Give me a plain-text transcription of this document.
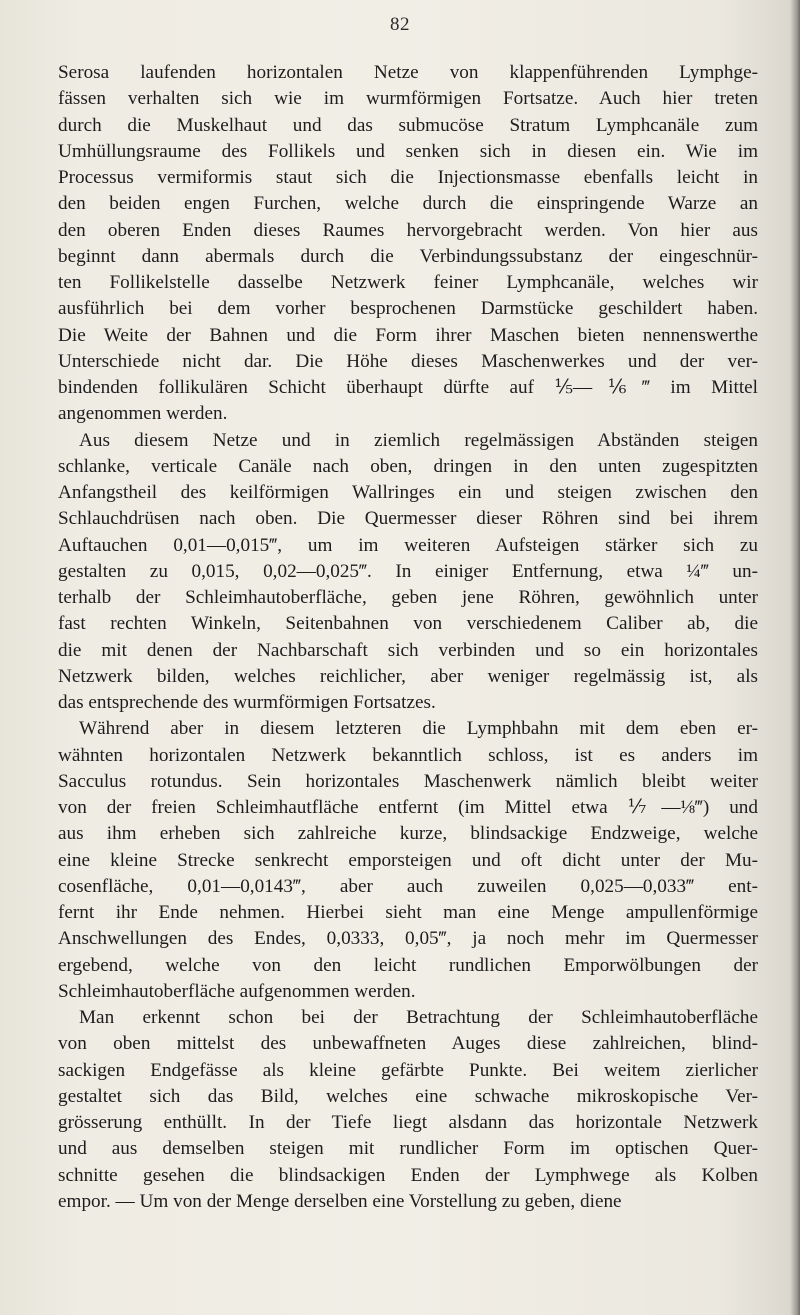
82
Serosa laufenden horizontalen Netze von klappenführenden Lymphge-
fässen verhalten sich wie im wurmförmigen Fortsatze. Auch hier treten
durch die Muskelhaut und das submucöse Stratum Lymphcanäle zum
Umhüllungsraume des Follikels und senken sich in diesen ein. Wie im
Processus vermiformis staut sich die Injectionsmasse ebenfalls leicht in
den beiden engen Furchen, welche durch die einspringende Warze an
den oberen Enden dieses Raumes hervorgebracht werden. Von hier aus
beginnt dann abermals durch die Verbindungssubstanz der eingeschnür-
ten Follikelstelle dasselbe Netzwerk feiner Lymphcanäle, welches wir
ausführlich bei dem vorher besprochenen Darmstücke geschildert haben.
Die Weite der Bahnen und die Form ihrer Maschen bieten nennenswerthe
Unterschiede nicht dar. Die Höhe dieses Maschenwerkes und der ver-
bindenden follikulären Schicht überhaupt dürfte auf ⅕—⅙‴ im Mittel
angenommen werden.
Aus diesem Netze und in ziemlich regelmässigen Abständen steigen
schlanke, verticale Canäle nach oben, dringen in den unten zugespitzten
Anfangstheil des keilförmigen Wallringes ein und steigen zwischen den
Schlauchdrüsen nach oben. Die Quermesser dieser Röhren sind bei ihrem
Auftauchen 0,01—0,015‴, um im weiteren Aufsteigen stärker sich zu
gestalten zu 0,015, 0,02—0,025‴. In einiger Entfernung, etwa ¼‴ un-
terhalb der Schleimhautoberfläche, geben jene Röhren, gewöhnlich unter
fast rechten Winkeln, Seitenbahnen von verschiedenem Caliber ab, die
die mit denen der Nachbarschaft sich verbinden und so ein horizontales
Netzwerk bilden, welches reichlicher, aber weniger regelmässig ist, als
das entsprechende des wurmförmigen Fortsatzes.
Während aber in diesem letzteren die Lymphbahn mit dem eben er-
wähnten horizontalen Netzwerk bekanntlich schloss, ist es anders im
Sacculus rotundus. Sein horizontales Maschenwerk nämlich bleibt weiter
von der freien Schleimhautfläche entfernt (im Mittel etwa ⅐—⅛‴) und
aus ihm erheben sich zahlreiche kurze, blindsackige Endzweige, welche
eine kleine Strecke senkrecht emporsteigen und oft dicht unter der Mu-
cosenfläche, 0,01—0,0143‴, aber auch zuweilen 0,025—0,033‴ ent-
fernt ihr Ende nehmen. Hierbei sieht man eine Menge ampullenförmige
Anschwellungen des Endes, 0,0333, 0,05‴, ja noch mehr im Quermesser
ergebend, welche von den leicht rundlichen Emporwölbungen der
Schleimhautoberfläche aufgenommen werden.
Man erkennt schon bei der Betrachtung der Schleimhautoberfläche
von oben mittelst des unbewaffneten Auges diese zahlreichen, blind-
sackigen Endgefässe als kleine gefärbte Punkte. Bei weitem zierlicher
gestaltet sich das Bild, welches eine schwache mikroskopische Ver-
grösserung enthüllt. In der Tiefe liegt alsdann das horizontale Netzwerk
und aus demselben steigen mit rundlicher Form im optischen Quer-
schnitte gesehen die blindsackigen Enden der Lymphwege als Kolben
empor. — Um von der Menge derselben eine Vorstellung zu geben, diene
